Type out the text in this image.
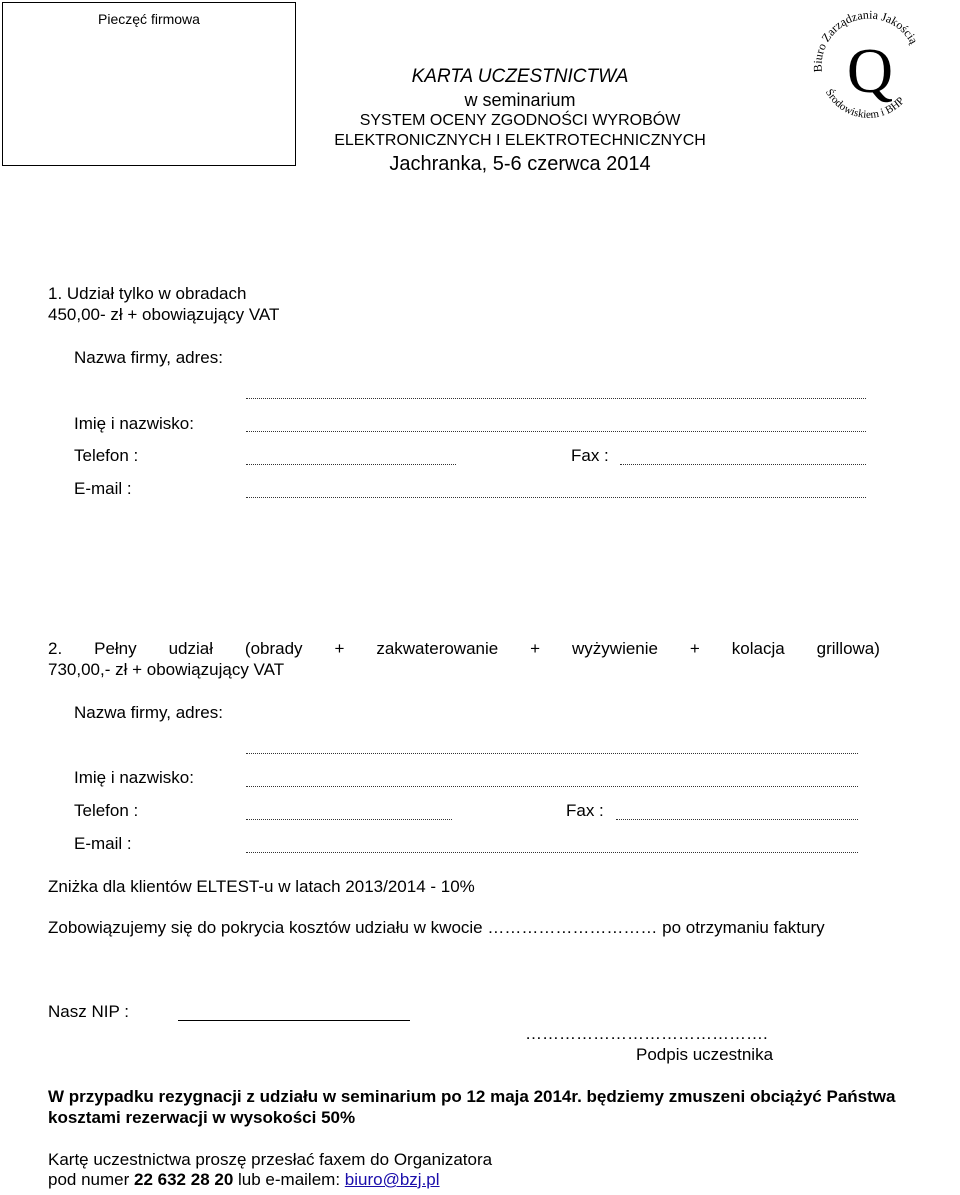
Pieczęć firmowa
KARTA UCZESTNICTWA
w seminarium
SYSTEM OCENY ZGODNOŚCI WYROBÓW
ELEKTRONICZNYCH I ELEKTROTECHNICZNYCH
Jachranka, 5-6 czerwca 2014
Biuro Zarządzania Jakością
Środowiskiem i BHP
Q
1. Udział tylko w obradach
450,00- zł + obowiązujący VAT
Nazwa firmy, adres:
Imię i nazwisko:
Telefon :	Fax :
E-mail :
2. Pełny udział (obrady + zakwaterowanie + wyżywienie + kolacja grillowa)
730,00,- zł + obowiązujący VAT
Nazwa firmy, adres:
Imię i nazwisko:
Telefon :	Fax :
E-mail :
Zniżka dla klientów ELTEST-u w latach 2013/2014 - 10%
Zobowiązujemy się do pokrycia kosztów udziału w kwocie ………………………… po otrzymaniu faktury
Nasz NIP :
…………………………………….
Podpis uczestnika
W przypadku rezygnacji z udziału w seminarium po 12 maja 2014r. będziemy zmuszeni obciążyć Państwa
kosztami rezerwacji w wysokości 50%
Kartę uczestnictwa proszę przesłać faxem do Organizatora
pod numer 22 632 28 20 lub e-mailem: biuro@bzj.pl
